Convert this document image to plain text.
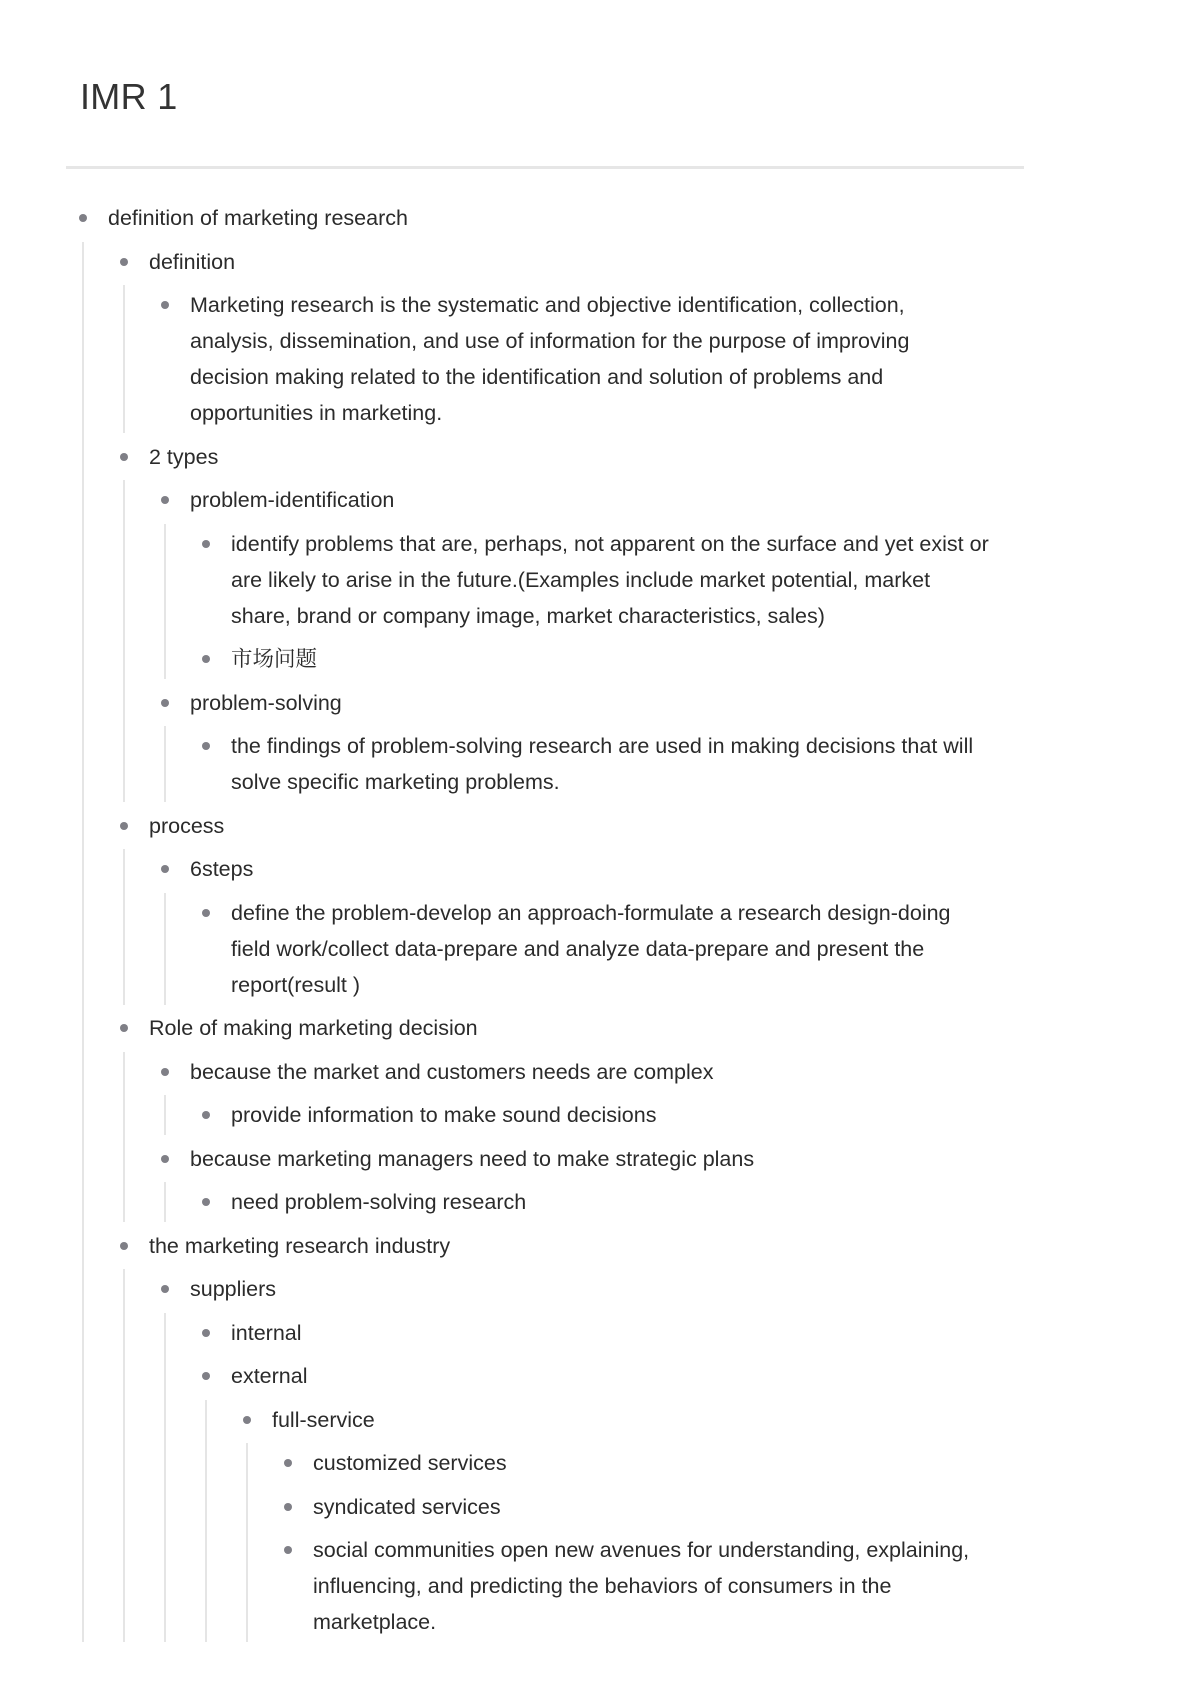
IMR 1
definition of marketing research
definition
Marketing research is the systematic and objective identification, collection,
analysis, dissemination, and use of information for the purpose of improving
decision making related to the identification and solution of problems and
opportunities in marketing.
2 types
problem-identification
identify problems that are, perhaps, not apparent on the surface and yet exist or
are likely to arise in the future.(Examples include market potential, market
share, brand or company image, market characteristics, sales)
市场问题
problem-solving
the findings of problem-solving research are used in making decisions that will
solve specific marketing problems.
process
6steps
define the problem-develop an approach-formulate a research design-doing
field work/collect data-prepare and analyze data-prepare and present the
report(result )
Role of making marketing decision
because the market and customers needs are complex
provide information to make sound decisions
because marketing managers need to make strategic plans
need problem-solving research
the marketing research industry
suppliers
internal
external
full-service
customized services
syndicated services
social communities open new avenues for understanding, explaining,
influencing, and predicting the behaviors of consumers in the
marketplace.
